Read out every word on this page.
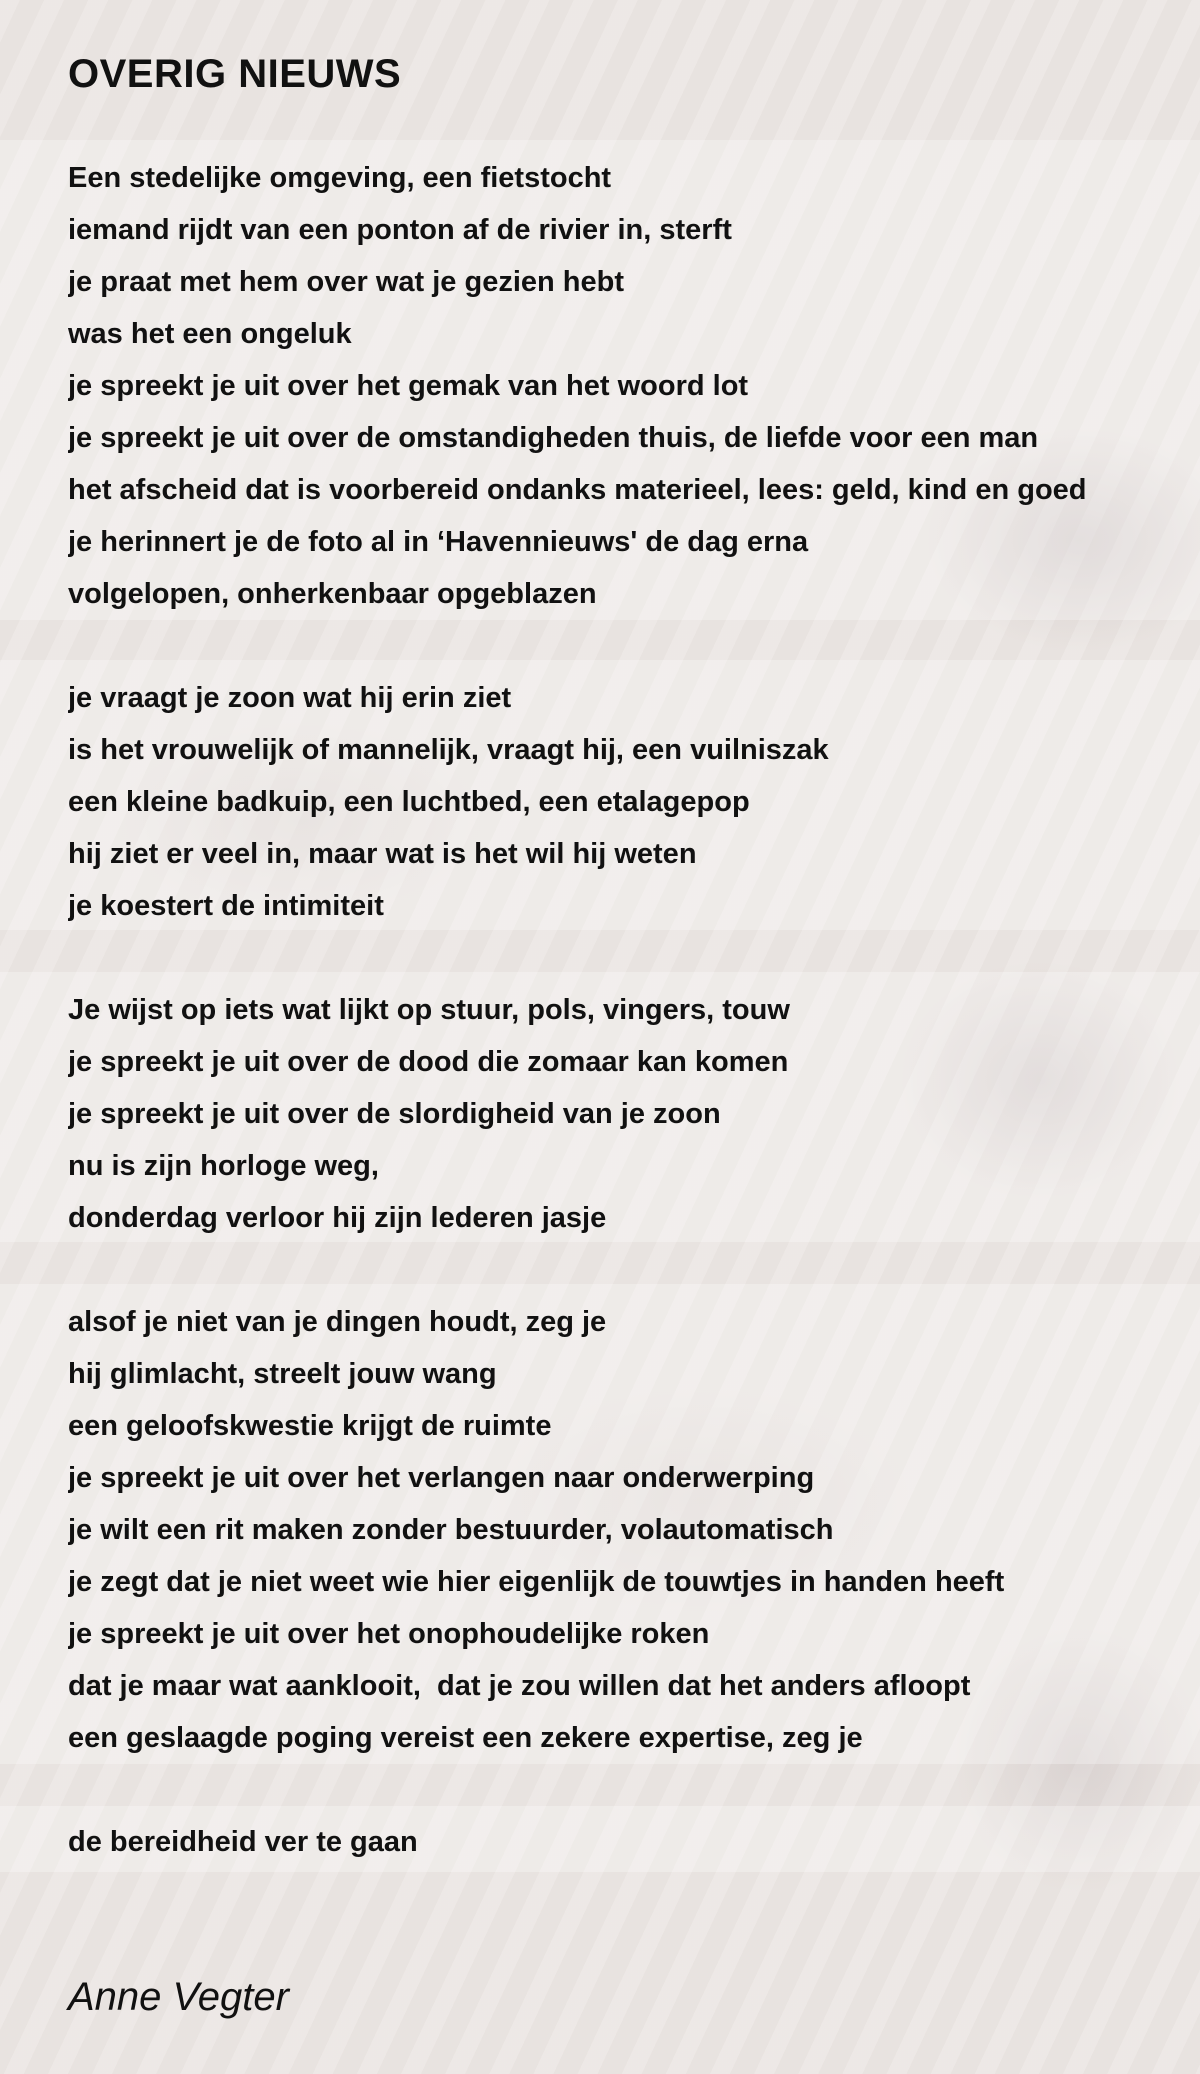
OVERIG NIEUWS
Een stedelijke omgeving, een fietstocht
iemand rijdt van een ponton af de rivier in, sterft
je praat met hem over wat je gezien hebt
was het een ongeluk
je spreekt je uit over het gemak van het woord lot
je spreekt je uit over de omstandigheden thuis, de liefde voor een man
het afscheid dat is voorbereid ondanks materieel, lees: geld, kind en goed
je herinnert je de foto al in ‘Havennieuws' de dag erna
volgelopen, onherkenbaar opgeblazen
je vraagt je zoon wat hij erin ziet
is het vrouwelijk of mannelijk, vraagt hij, een vuilniszak
een kleine badkuip, een luchtbed, een etalagepop
hij ziet er veel in, maar wat is het wil hij weten
je koestert de intimiteit
Je wijst op iets wat lijkt op stuur, pols, vingers, touw
je spreekt je uit over de dood die zomaar kan komen
je spreekt je uit over de slordigheid van je zoon
nu is zijn horloge weg,
donderdag verloor hij zijn lederen jasje
alsof je niet van je dingen houdt, zeg je
hij glimlacht, streelt jouw wang
een geloofskwestie krijgt de ruimte
je spreekt je uit over het verlangen naar onderwerping
je wilt een rit maken zonder bestuurder, volautomatisch
je zegt dat je niet weet wie hier eigenlijk de touwtjes in handen heeft
je spreekt je uit over het onophoudelijke roken
dat je maar wat aanklooit,  dat je zou willen dat het anders afloopt
een geslaagde poging vereist een zekere expertise, zeg je
de bereidheid ver te gaan
Anne Vegter
